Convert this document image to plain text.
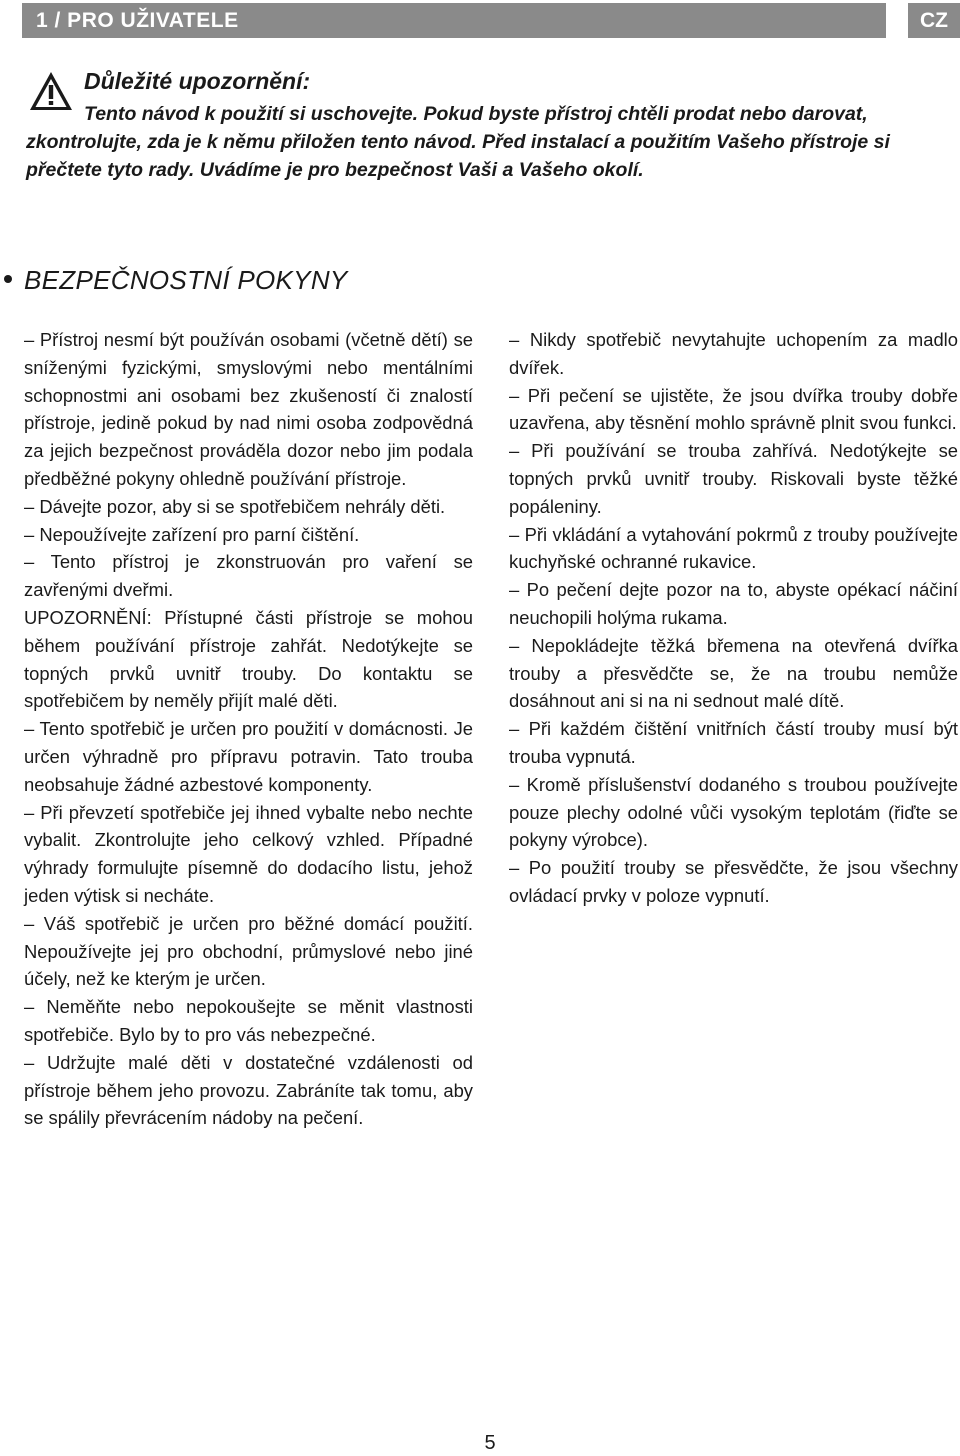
1 / PRO UŽIVATELE	CZ
Důležité upozornění:

Tento návod k použití si uschovejte. Pokud byste přístroj chtěli prodat nebo darovat, zkontrolujte, zda je k němu přiložen tento návod. Před instalací a použitím Vašeho přístroje si přečtete tyto rady. Uvádíme je pro bezpečnost Vaši a Vašeho okolí.

BEZPEČNOSTNÍ POKYNY

– Přístroj nesmí být používán osobami (včetně dětí) se sníženými fyzickými, smyslovými nebo mentálními schopnostmi ani osobami bez zkušeností či znalostí přístroje, jedině pokud by nad nimi osoba zodpovědná za jejich bezpečnost prováděla dozor nebo jim podala předběžné pokyny ohledně používání přístroje.

– Dávejte pozor, aby si se spotřebičem nehrály děti.

– Nepoužívejte zařízení pro parní čištění.

– Tento přístroj je zkonstruován pro vaření se zavřenými dveřmi.

UPOZORNĚNÍ: Přístupné části přístroje se mohou během používání přístroje zahřát. Nedotýkejte se topných prvků uvnitř trouby. Do kontaktu se spotřebičem by neměly přijít malé děti.

– Tento spotřebič je určen pro použití v domácnosti. Je určen výhradně pro přípravu potravin. Tato trouba neobsahuje žádné azbestové komponenty.

– Při převzetí spotřebiče jej ihned vybalte nebo nechte vybalit. Zkontrolujte jeho celkový vzhled. Případné výhrady formulujte písemně do dodacího listu, jehož jeden výtisk si necháte.

– Váš spotřebič je určen pro běžné domácí použití. Nepoužívejte jej pro obchodní, průmyslové nebo jiné účely, než ke kterým je určen.

– Neměňte nebo nepokoušejte se měnit vlastnosti spotřebiče. Bylo by to pro vás nebezpečné.

– Udržujte malé děti v dostatečné vzdálenosti od přístroje během jeho provozu. Zabráníte tak tomu, aby se spálily převrácením nádoby na pečení.

– Nikdy spotřebič nevytahujte uchopením za madlo dvířek.

– Při pečení se ujistěte, že jsou dvířka trouby dobře uzavřena, aby těsnění mohlo správně plnit svou funkci.

– Při používání se trouba zahřívá. Nedotýkejte se topných prvků uvnitř trouby. Riskovali byste těžké popáleniny.

– Při vkládání a vytahování pokrmů z trouby používejte kuchyňské ochranné rukavice.

– Po pečení dejte pozor na to, abyste opékací náčiní neuchopili holýma rukama.

– Nepokládejte těžká břemena na otevřená dvířka trouby a přesvědčte se, že na troubu nemůže dosáhnout ani si na ni sednout malé dítě.

– Při každém čištění vnitřních částí trouby musí být trouba vypnutá.

– Kromě příslušenství dodaného s troubou používejte pouze plechy odolné vůči vysokým teplotám (řiďte se pokyny výrobce).

– Po použití trouby se přesvědčte, že jsou všechny ovládací prvky v poloze vypnutí.

5
